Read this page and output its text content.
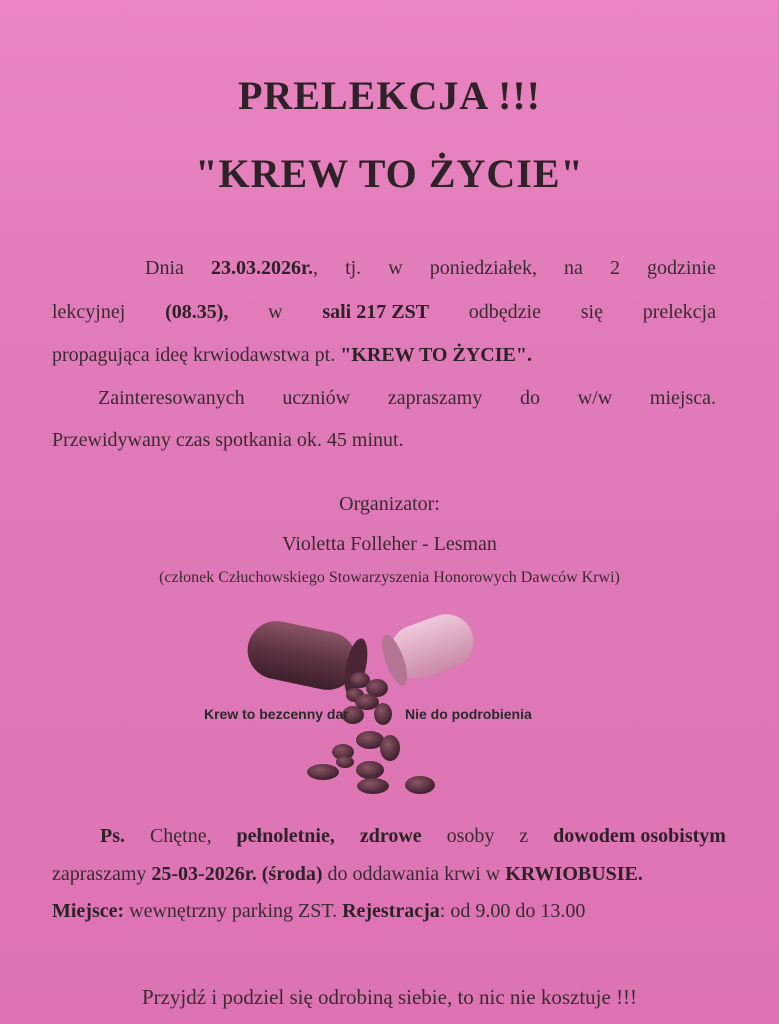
PRELEKCJA !!!
"KREW TO ŻYCIE"
Dnia 23.03.2026r., tj. w poniedziałek, na 2 godzinie
lekcyjnej (08.35), w sali 217 ZST odbędzie się prelekcja
propagująca ideę krwiodawstwa pt. "KREW TO ŻYCIE".
Zainteresowanych uczniów zapraszamy do w/w miejsca.
Przewidywany czas spotkania ok. 45 minut.
Organizator:
Violetta Folleher - Lesman
(członek Człuchowskiego Stowarzyszenia Honorowych Dawców Krwi)
Krew to bezcenny dar	Nie do podrobienia
Ps. Chętne, pełnoletnie, zdrowe osoby z dowodem osobistym
zapraszamy 25-03-2026r. (środa) do oddawania krwi w KRWIOBUSIE.
Miejsce: wewnętrzny parking ZST. Rejestracja: od 9.00 do 13.00
Przyjdź i podziel się odrobiną siebie, to nic nie kosztuje !!!
